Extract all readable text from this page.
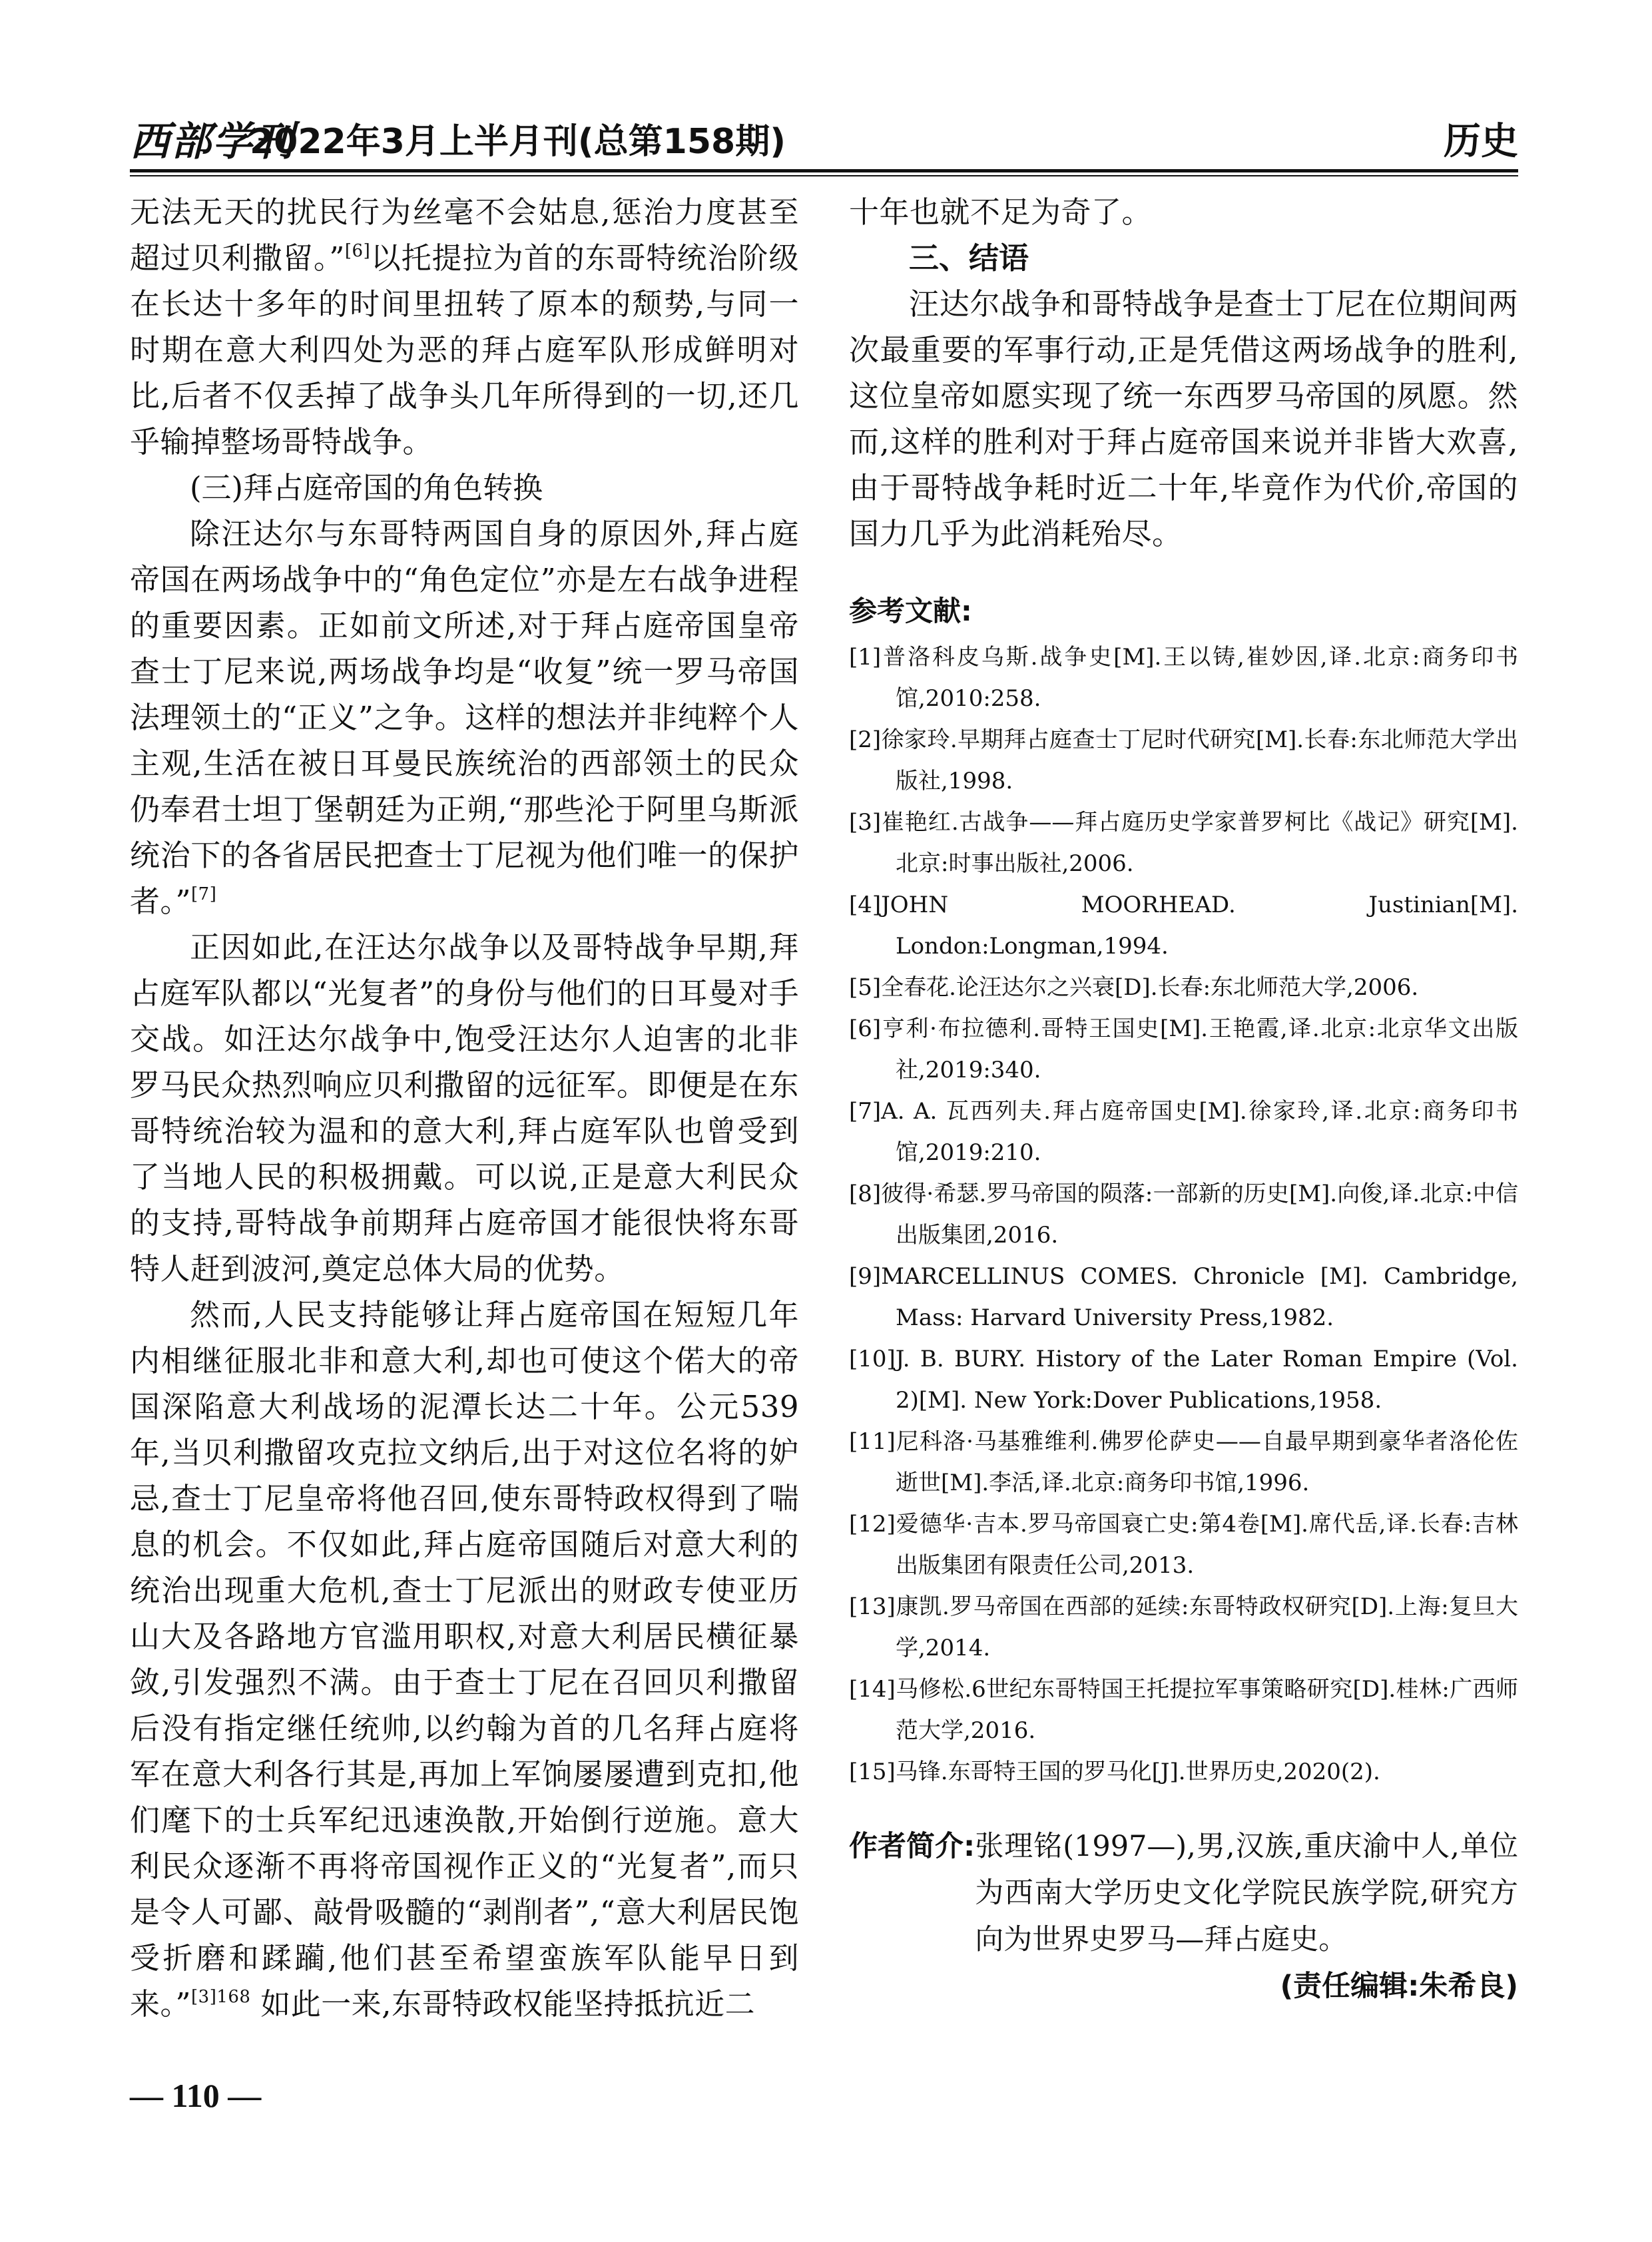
西部学刊
2022年3月上半月刊(总第158期)	历史

无法无天的扰民行为丝毫不会姑息,惩治力度甚至超过贝利撒留。”[6]以托提拉为首的东哥特统治阶级在长达十多年的时间里扭转了原本的颓势,与同一时期在意大利四处为恶的拜占庭军队形成鲜明对比,后者不仅丢掉了战争头几年所得到的一切,还几乎输掉整场哥特战争。

(三)拜占庭帝国的角色转换

除汪达尔与东哥特两国自身的原因外,拜占庭帝国在两场战争中的“角色定位”亦是左右战争进程的重要因素。正如前文所述,对于拜占庭帝国皇帝查士丁尼来说,两场战争均是“收复”统一罗马帝国法理领土的“正义”之争。这样的想法并非纯粹个人主观,生活在被日耳曼民族统治的西部领土的民众仍奉君士坦丁堡朝廷为正朔,“那些沦于阿里乌斯派统治下的各省居民把查士丁尼视为他们唯一的保护者。”[7]

正因如此,在汪达尔战争以及哥特战争早期,拜占庭军队都以“光复者”的身份与他们的日耳曼对手交战。如汪达尔战争中,饱受汪达尔人迫害的北非罗马民众热烈响应贝利撒留的远征军。即便是在东哥特统治较为温和的意大利,拜占庭军队也曾受到了当地人民的积极拥戴。可以说,正是意大利民众的支持,哥特战争前期拜占庭帝国才能很快将东哥特人赶到波河,奠定总体大局的优势。

然而,人民支持能够让拜占庭帝国在短短几年内相继征服北非和意大利,却也可使这个偌大的帝国深陷意大利战场的泥潭长达二十年。公元539年,当贝利撒留攻克拉文纳后,出于对这位名将的妒忌,查士丁尼皇帝将他召回,使东哥特政权得到了喘息的机会。不仅如此,拜占庭帝国随后对意大利的统治出现重大危机,查士丁尼派出的财政专使亚历山大及各路地方官滥用职权,对意大利居民横征暴敛,引发强烈不满。由于查士丁尼在召回贝利撒留后没有指定继任统帅,以约翰为首的几名拜占庭将军在意大利各行其是,再加上军饷屡屡遭到克扣,他们麾下的士兵军纪迅速涣散,开始倒行逆施。意大利民众逐渐不再将帝国视作正义的“光复者”,而只是令人可鄙、敲骨吸髓的“剥削者”,“意大利居民饱受折磨和蹂躏,他们甚至希望蛮族军队能早日到来。”$^{[3]168}$ 如此一来,东哥特政权能坚持抵抗近二

十年也就不足为奇了。

三、结语

汪达尔战争和哥特战争是查士丁尼在位期间两次最重要的军事行动,正是凭借这两场战争的胜利,这位皇帝如愿实现了统一东西罗马帝国的夙愿。然而,这样的胜利对于拜占庭帝国来说并非皆大欢喜,由于哥特战争耗时近二十年,毕竟作为代价,帝国的国力几乎为此消耗殆尽。

参考文献:
[1]普洛科皮乌斯.战争史[M].王以铸,崔妙因,译.北京:商务印书馆,2010:258.
[2]徐家玲.早期拜占庭查士丁尼时代研究[M].长春:东北师范大学出版社,1998.
[3]崔艳红.古战争——拜占庭历史学家普罗柯比《战记》研究[M].北京:时事出版社,2006.
[4]JOHN MOORHEAD. Justinian[M]. London:Longman,1994.
[5]全春花.论汪达尔之兴衰[D].长春:东北师范大学,2006.
[6]亨利·布拉德利.哥特王国史[M].王艳霞,译.北京:北京华文出版社,2019:340.
[7]A. A. 瓦西列夫.拜占庭帝国史[M].徐家玲,译.北京:商务印书馆,2019:210.
[8]彼得·希瑟.罗马帝国的陨落:一部新的历史[M].向俊,译.北京:中信出版集团,2016.
[9]MARCELLINUS COMES. Chronicle [M]. Cambridge, Mass: Harvard University Press,1982.
[10]J. B. BURY. History of the Later Roman Empire (Vol. 2)[M]. New York:Dover Publications,1958.
[11]尼科洛·马基雅维利.佛罗伦萨史——自最早期到豪华者洛伦佐逝世[M].李活,译.北京:商务印书馆,1996.
[12]爱德华·吉本.罗马帝国衰亡史:第4卷[M].席代岳,译.长春:吉林出版集团有限责任公司,2013.
[13]康凯.罗马帝国在西部的延续:东哥特政权研究[D].上海:复旦大学,2014.
[14]马修松.6世纪东哥特国王托提拉军事策略研究[D].桂林:广西师范大学,2016.
[15]马锋.东哥特王国的罗马化[J].世界历史,2020(2).
作者简介: 张理铭(1997—),男,汉族,重庆渝中人,单位为西南大学历史文化学院民族学院,研究方向为世界史罗马—拜占庭史。
(责任编辑:朱希良)
— 110 —
